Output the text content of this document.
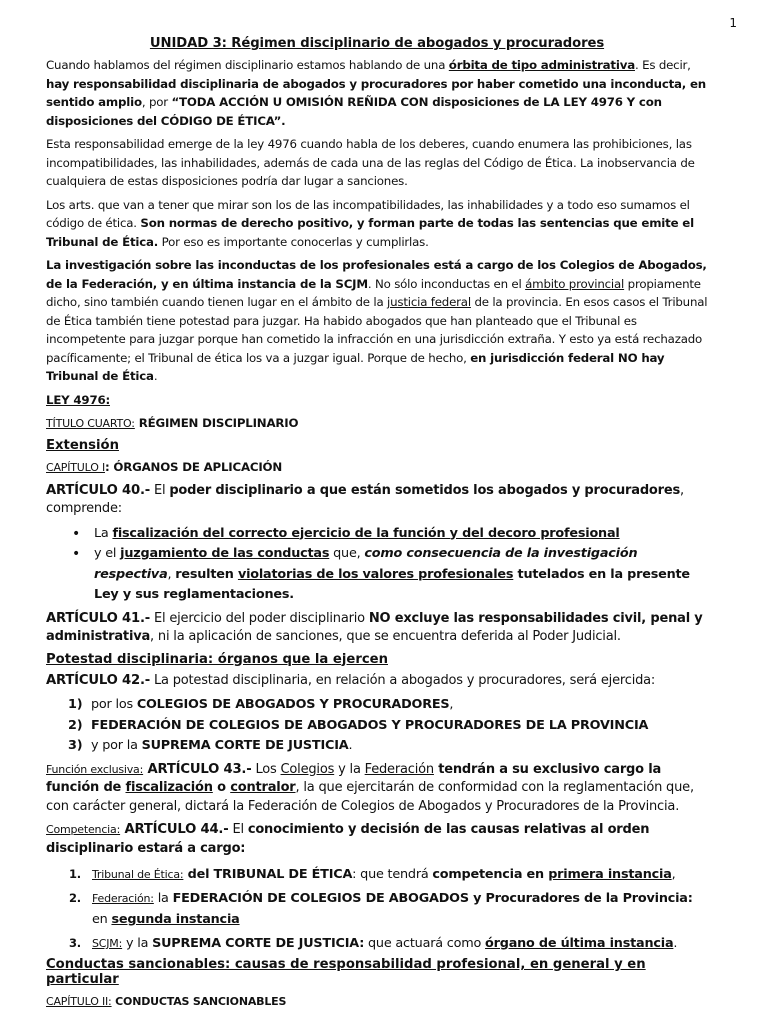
1
UNIDAD 3: Régimen disciplinario de abogados y procuradores

Cuando hablamos del régimen disciplinario estamos hablando de una órbita de tipo administrativa. Es decir, hay responsabilidad disciplinaria de abogados y procuradores por haber cometido una inconducta, en sentido amplio, por “TODA ACCIÓN U OMISIÓN REÑIDA CON disposiciones de LA LEY 4976 Y con disposiciones del CÓDIGO DE ÉTICA”.

Esta responsabilidad emerge de la ley 4976 cuando habla de los deberes, cuando enumera las prohibiciones, las incompatibilidades, las inhabilidades, además de cada una de las reglas del Código de Ética. La inobservancia de cualquiera de estas disposiciones podría dar lugar a sanciones.

Los arts. que van a tener que mirar son los de las incompatibilidades, las inhabilidades y a todo eso sumamos el código de ética. Son normas de derecho positivo, y forman parte de todas las sentencias que emite el Tribunal de Ética. Por eso es importante conocerlas y cumplirlas.

La investigación sobre las inconductas de los profesionales está a cargo de los Colegios de Abogados, de la Federación, y en última instancia de la SCJM. No sólo inconductas en el ámbito provincial propiamente dicho, sino también cuando tienen lugar en el ámbito de la justicia federal de la provincia. En esos casos el Tribunal de Ética también tiene potestad para juzgar. Ha habido abogados que han planteado que el Tribunal es incompetente para juzgar porque han cometido la infracción en una jurisdicción extraña. Y esto ya está rechazado pacíficamente; el Tribunal de ética los va a juzgar igual. Porque de hecho, en jurisdicción federal NO hay Tribunal de Ética.

LEY 4976:
TÍTULO CUARTO: RÉGIMEN DISCIPLINARIO
Extensión
CAPÍTULO I: ÓRGANOS DE APLICACIÓN

ARTÍCULO 40.- El poder disciplinario a que están sometidos los abogados y procuradores, comprende:

• La fiscalización del correcto ejercicio de la función y del decoro profesional
• y el juzgamiento de las conductas que, como consecuencia de la investigación respectiva, resulten violatorias de los valores profesionales tutelados en la presente Ley y sus reglamentaciones.

ARTÍCULO 41.- El ejercicio del poder disciplinario NO excluye las responsabilidades civil, penal y administrativa, ni la aplicación de sanciones, que se encuentra deferida al Poder Judicial.

Potestad disciplinaria: órganos que la ejercen

ARTÍCULO 42.- La potestad disciplinaria, en relación a abogados y procuradores, será ejercida:

1) por los COLEGIOS DE ABOGADOS Y PROCURADORES,
2) FEDERACIÓN DE COLEGIOS DE ABOGADOS Y PROCURADORES DE LA PROVINCIA
3) y por la SUPREMA CORTE DE JUSTICIA.

Función exclusiva: ARTÍCULO 43.- Los Colegios y la Federación tendrán a su exclusivo cargo la función de fiscalización o contralor, la que ejercitarán de conformidad con la reglamentación que, con carácter general, dictará la Federación de Colegios de Abogados y Procuradores de la Provincia.

Competencia: ARTÍCULO 44.- El conocimiento y decisión de las causas relativas al orden disciplinario estará a cargo:

1. Tribunal de Ética: del TRIBUNAL DE ÉTICA: que tendrá competencia en primera instancia,
2. Federación: la FEDERACIÓN DE COLEGIOS DE ABOGADOS y Procuradores de la Provincia: en segunda instancia
3. SCJM: y la SUPREMA CORTE DE JUSTICIA: que actuará como órgano de última instancia.
Conductas sancionables: causas de responsabilidad profesional, en general y en particular
CAPÍTULO II: CONDUCTAS SANCIONABLES
